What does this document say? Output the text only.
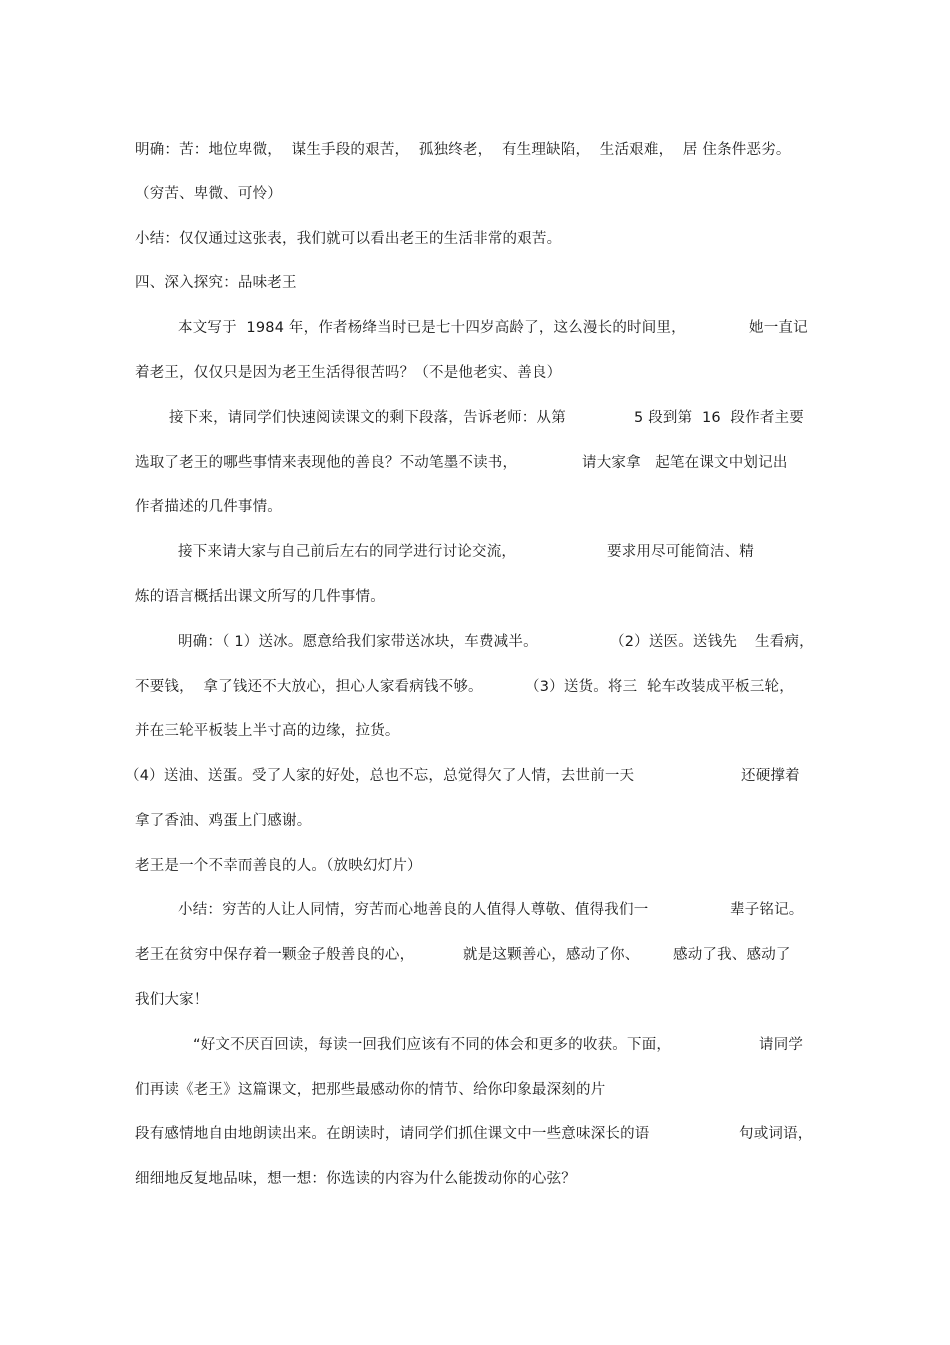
明确：苦：地位卑微，  谋生手段的艰苦，  孤独终老，  有生理缺陷，  生活艰难，  居 住条件恶劣。
（穷苦、卑微、可怜）
小结：仅仅通过这张表，我们就可以看出老王的生活非常的艰苦。
四、深入探究：品味老王

本文写于  1984 年，作者杨绛当时已是七十四岁高龄了，这么漫长的时间里，

	她一直记

着老王，仅仅只是因为老王生活得很苦吗？（不是他老实、善良）

接下来，请同学们快速阅读课文的剩下段落，告诉老师：从第

	5 段到第  16  段作者主要

选取了老王的哪些事情来表现他的善良？不动笔墨不读书，

	请大家拿   起笔在课文中划记出

作者描述的几件事情。

接下来请大家与自己前后左右的同学进行讨论交流，

	要求用尽可能简洁、精

炼的语言概括出课文所写的几件事情。

明确：（ 1）送冰。愿意给我们家带送冰块，车费减半。

	（2）送医。送钱先

生看病，

不要钱，  拿了钱还不大放心，担心人家看病钱不够。

	（3）送货。将三  轮车改装成平板三轮，

并在三轮平板装上半寸高的边缘，拉货。

（4）送油、送蛋。受了人家的好处，总也不忘，总觉得欠了人情，去世前一天

	还硬撑着

拿了香油、鸡蛋上门感谢。
老王是一个不幸而善良的人。（放映幻灯片）

小结：穷苦的人让人同情，穷苦而心地善良的人值得人尊敬、值得我们一

	辈子铭记。

老王在贫穷中保存着一颗金子般善良的心，

	就是这颗善心，感动了你、

感动了我、感动了

我们大家！

“好文不厌百回读，每读一回我们应该有不同的体会和更多的收获。下面，

	请同学

们再读《老王》这篇课文，把那些最感动你的情节、给你印象最深刻的片

段有感情地自由地朗读出来。在朗读时，请同学们抓住课文中一些意味深长的语

	句或词语，

细细地反复地品味，想一想：你选读的内容为什么能拨动你的心弦？
